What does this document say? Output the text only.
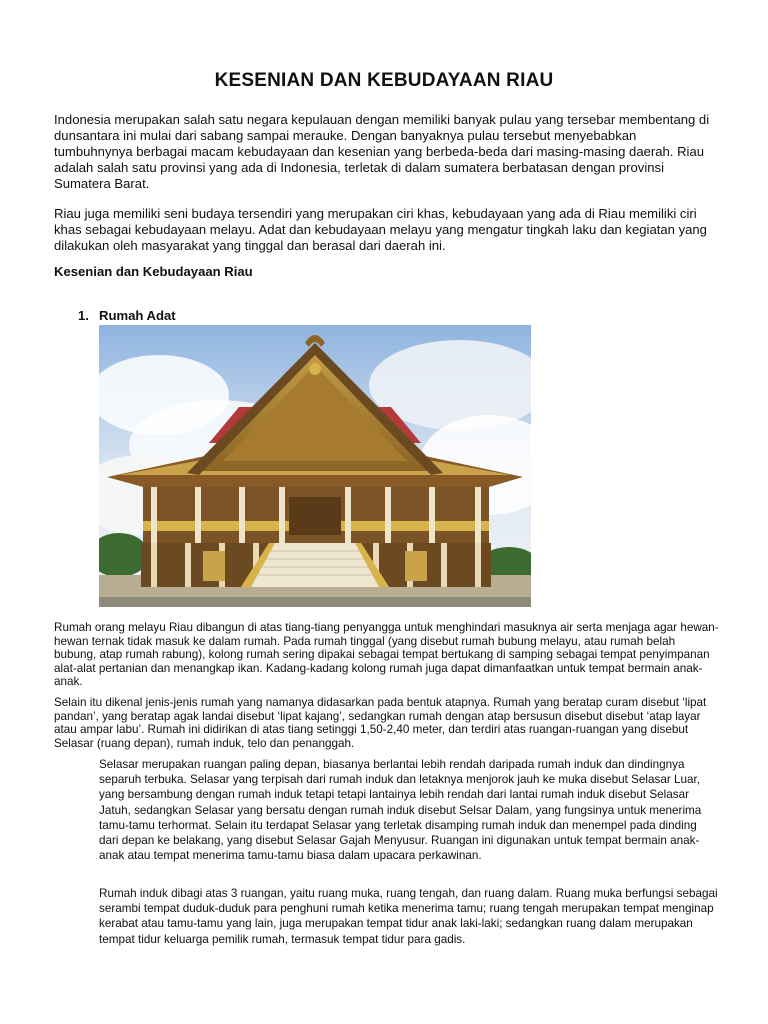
KESENIAN DAN KEBUDAYAAN RIAU

Indonesia merupakan salah satu negara kepulauan dengan memiliki banyak pulau yang tersebar membentang di dunsantara ini mulai dari sabang sampai merauke. Dengan banyaknya pulau tersebut menyebabkan tumbuhnynya berbagai macam kebudayaan dan kesenian yang berbeda-beda dari masing-masing daerah. Riau adalah salah satu provinsi yang ada di Indonesia, terletak di dalam sumatera berbatasan dengan provinsi Sumatera Barat.

Riau juga memiliki seni budaya tersendiri yang merupakan ciri khas, kebudayaan yang ada di Riau memiliki ciri khas sebagai kebudayaan melayu. Adat dan kebudayaan melayu yang mengatur tingkah laku dan kegiatan yang dilakukan oleh masyarakat yang tinggal dan berasal dari daerah ini.

Kesenian dan Kebudayaan Riau
1. Rumah Adat

Rumah orang melayu Riau dibangun di atas tiang-tiang penyangga untuk menghindari masuknya air serta menjaga agar hewan-hewan ternak tidak masuk ke dalam rumah. Pada rumah tinggal (yang disebut rumah bubung melayu, atau rumah belah bubung, atap rumah rabung), kolong rumah sering dipakai sebagai tempat bertukang di samping sebagai tempat penyimpanan alat-alat pertanian dan menangkap ikan. Kadang-kadang kolong rumah juga dapat dimanfaatkan untuk tempat bermain anak-anak.

Selain itu dikenal jenis-jenis rumah yang namanya didasarkan pada bentuk atapnya. Rumah yang beratap curam disebut ‘lipat pandan’, yang beratap agak landai disebut ‘lipat kajang’, sedangkan rumah dengan atap bersusun disebut disebut ‘atap layar atau ampar labu’. Rumah ini didirikan di atas tiang setinggi 1,50-2,40 meter, dan terdiri atas ruangan-ruangan yang disebut Selasar (ruang depan), rumah induk, telo dan penanggah.

Selasar merupakan ruangan paling depan, biasanya berlantai lebih rendah daripada rumah induk dan dindingnya separuh terbuka. Selasar yang terpisah dari rumah induk dan letaknya menjorok jauh ke muka disebut Selasar Luar, yang bersambung dengan rumah induk tetapi tetapi lantainya lebih rendah dari lantai rumah induk disebut Selasar Jatuh, sedangkan Selasar yang bersatu dengan rumah induk disebut Selsar Dalam, yang fungsinya untuk menerima tamu-tamu terhormat. Selain itu terdapat Selasar yang terletak disamping rumah induk dan menempel pada dinding dari depan ke belakang, yang disebut Selasar Gajah Menyusur. Ruangan ini digunakan untuk tempat bermain anak-anak atau tempat menerima tamu-tamu biasa dalam upacara perkawinan.

Rumah induk dibagi atas 3 ruangan, yaitu ruang muka, ruang tengah, dan ruang dalam. Ruang muka berfungsi sebagai serambi tempat duduk-duduk para penghuni rumah ketika menerima tamu; ruang tengah merupakan tempat menginap kerabat atau tamu-tamu yang lain, juga merupakan tempat tidur anak laki-laki; sedangkan ruang dalam merupakan tempat tidur keluarga pemilik rumah, termasuk tempat tidur para gadis.
